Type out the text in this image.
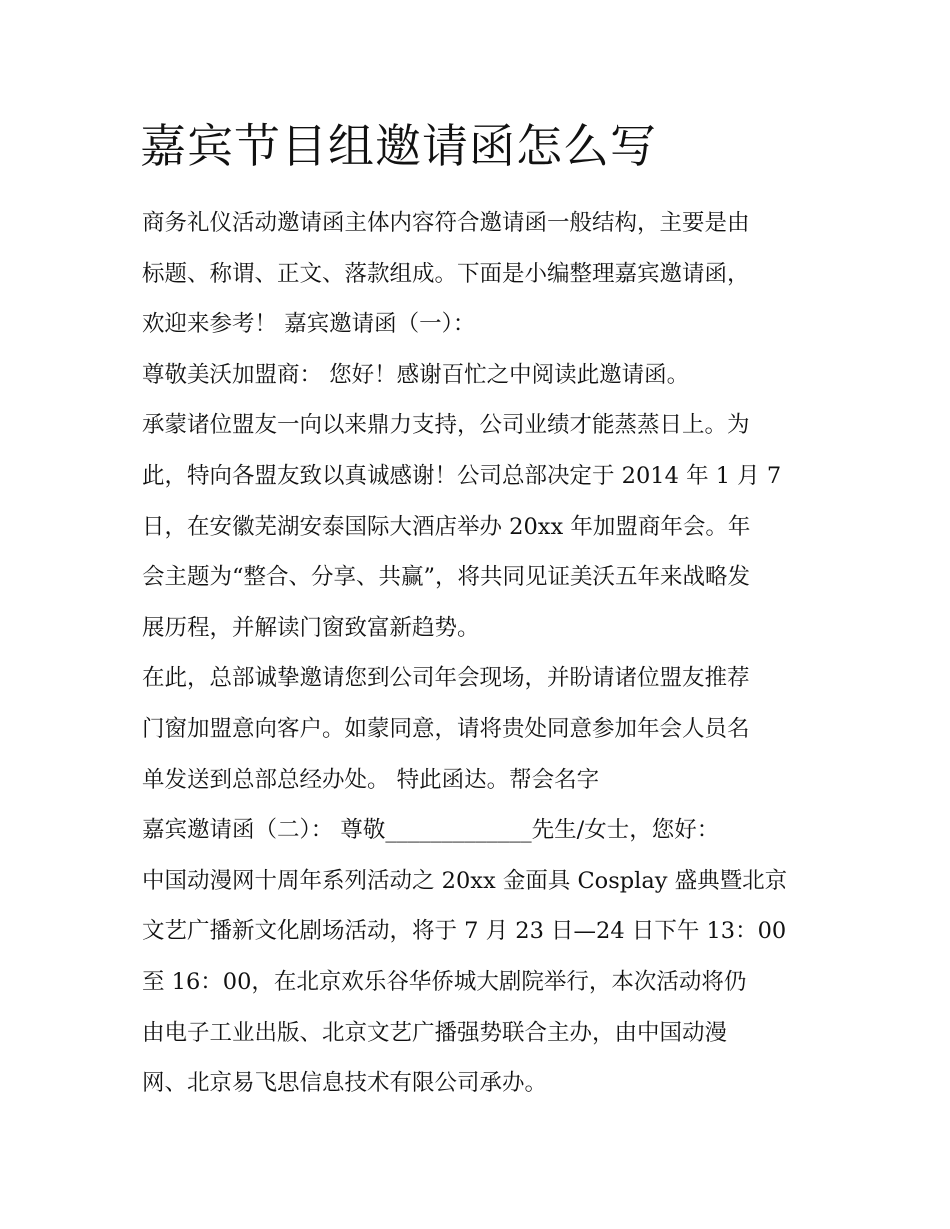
嘉宾节目组邀请函怎么写
商务礼仪活动邀请函主体内容符合邀请函一般结构，主要是由
标题、称谓、正文、落款组成。下面是小编整理嘉宾邀请函，
欢迎来参考！ 嘉宾邀请函（一）：
尊敬美沃加盟商： 您好！感谢百忙之中阅读此邀请函。
承蒙诸位盟友一向以来鼎力支持，公司业绩才能蒸蒸日上。为
此，特向各盟友致以真诚感谢！公司总部决定于 2014 年 1 月 7
日，在安徽芜湖安泰国际大酒店举办 20xx 年加盟商年会。年
会主题为“整合、分享、共赢”，将共同见证美沃五年来战略发
展历程，并解读门窗致富新趋势。
在此，总部诚挚邀请您到公司年会现场，并盼请诸位盟友推荐
门窗加盟意向客户。如蒙同意，请将贵处同意参加年会人员名
单发送到总部总经办处。 特此函达。帮会名字
嘉宾邀请函（二）： 尊敬_____________先生/女士，您好：
中国动漫网十周年系列活动之 20xx 金面具 Cosplay 盛典暨北京
文艺广播新文化剧场活动，将于 7 月 23 日—24 日下午 13：00
至 16：00，在北京欢乐谷华侨城大剧院举行，本次活动将仍
由电子工业出版、北京文艺广播强势联合主办，由中国动漫
网、北京易飞思信息技术有限公司承办。
